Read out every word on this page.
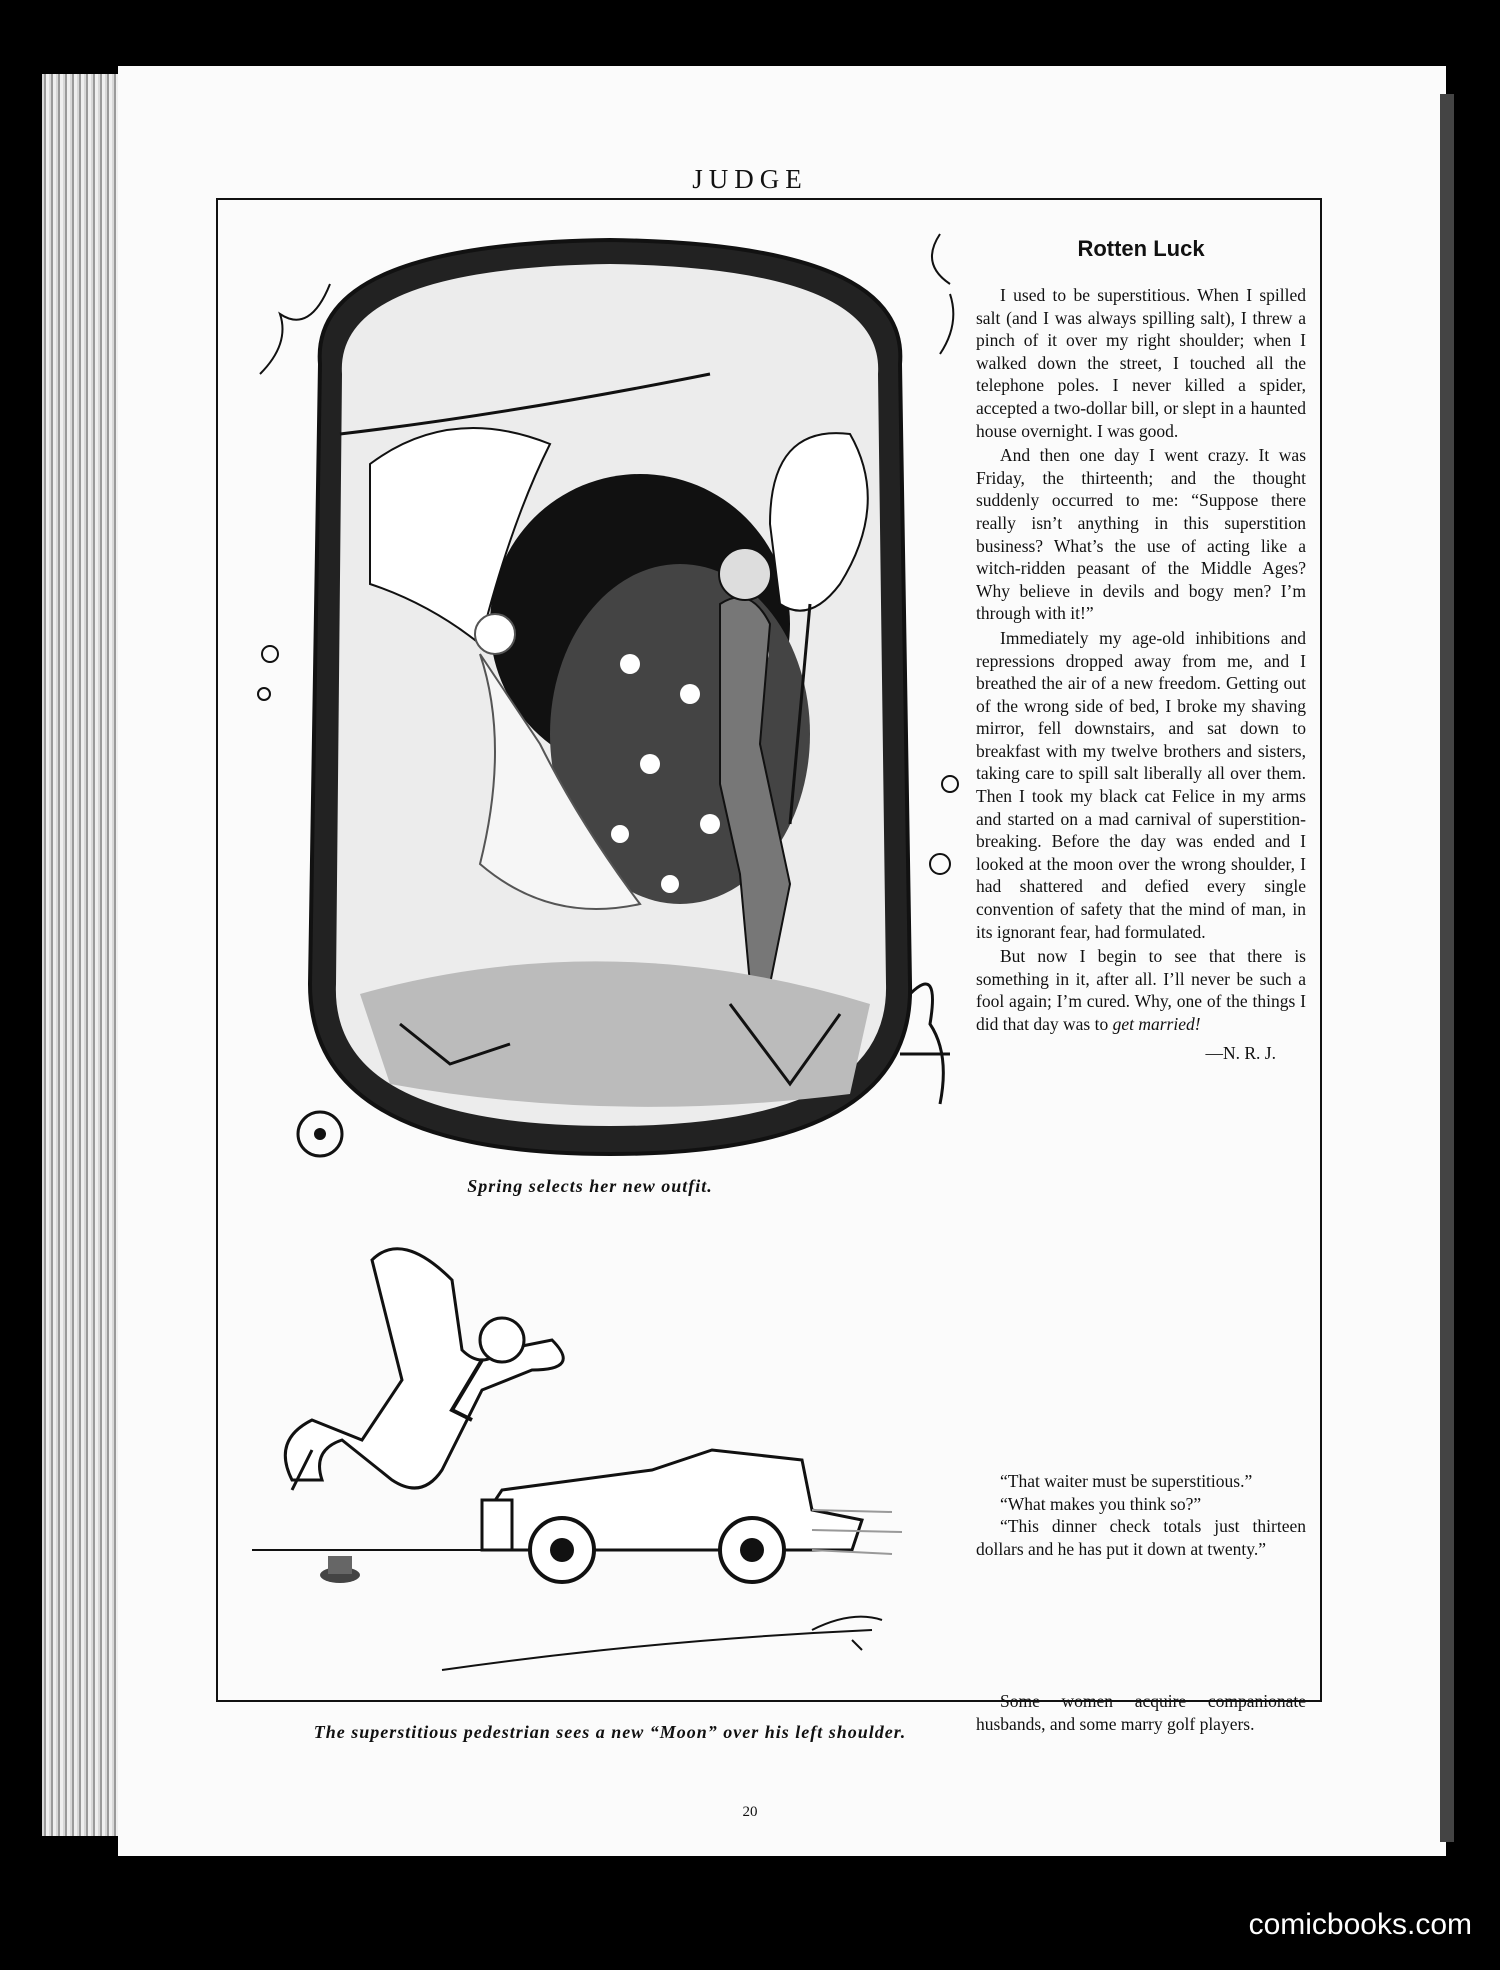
JUDGE
Spring selects her new outfit.
The superstitious pedestrian sees a new “Moon” over his left shoulder.
Rotten Luck

I used to be superstitious. When I spilled salt (and I was always spilling salt), I threw a pinch of it over my right shoulder; when I walked down the street, I touched all the telephone poles. I never killed a spider, accepted a two-dollar bill, or slept in a haunted house overnight. I was good.

And then one day I went crazy. It was Friday, the thirteenth; and the thought suddenly occurred to me: “Suppose there really isn’t anything in this superstition business? What’s the use of acting like a witch-ridden peasant of the Middle Ages? Why believe in devils and bogy men? I’m through with it!”

Immediately my age-old inhibitions and repressions dropped away from me, and I breathed the air of a new freedom. Getting out of the wrong side of bed, I broke my shaving mirror, fell downstairs, and sat down to breakfast with my twelve brothers and sisters, taking care to spill salt liberally all over them. Then I took my black cat Felice in my arms and started on a mad carnival of superstition-breaking. Before the day was ended and I looked at the moon over the wrong shoulder, I had shattered and defied every single convention of safety that the mind of man, in its ignorant fear, had formulated.

But now I begin to see that there is something in it, after all. I’ll never be such a fool again; I’m cured. Why, one of the things I did that day was to get married!

—N. R. J.

“That waiter must be superstitious.”

“What makes you think so?”

“This dinner check totals just thirteen dollars and he has put it down at twenty.”

Some women acquire companionate husbands, and some marry golf players.

20
comicbooks.com
